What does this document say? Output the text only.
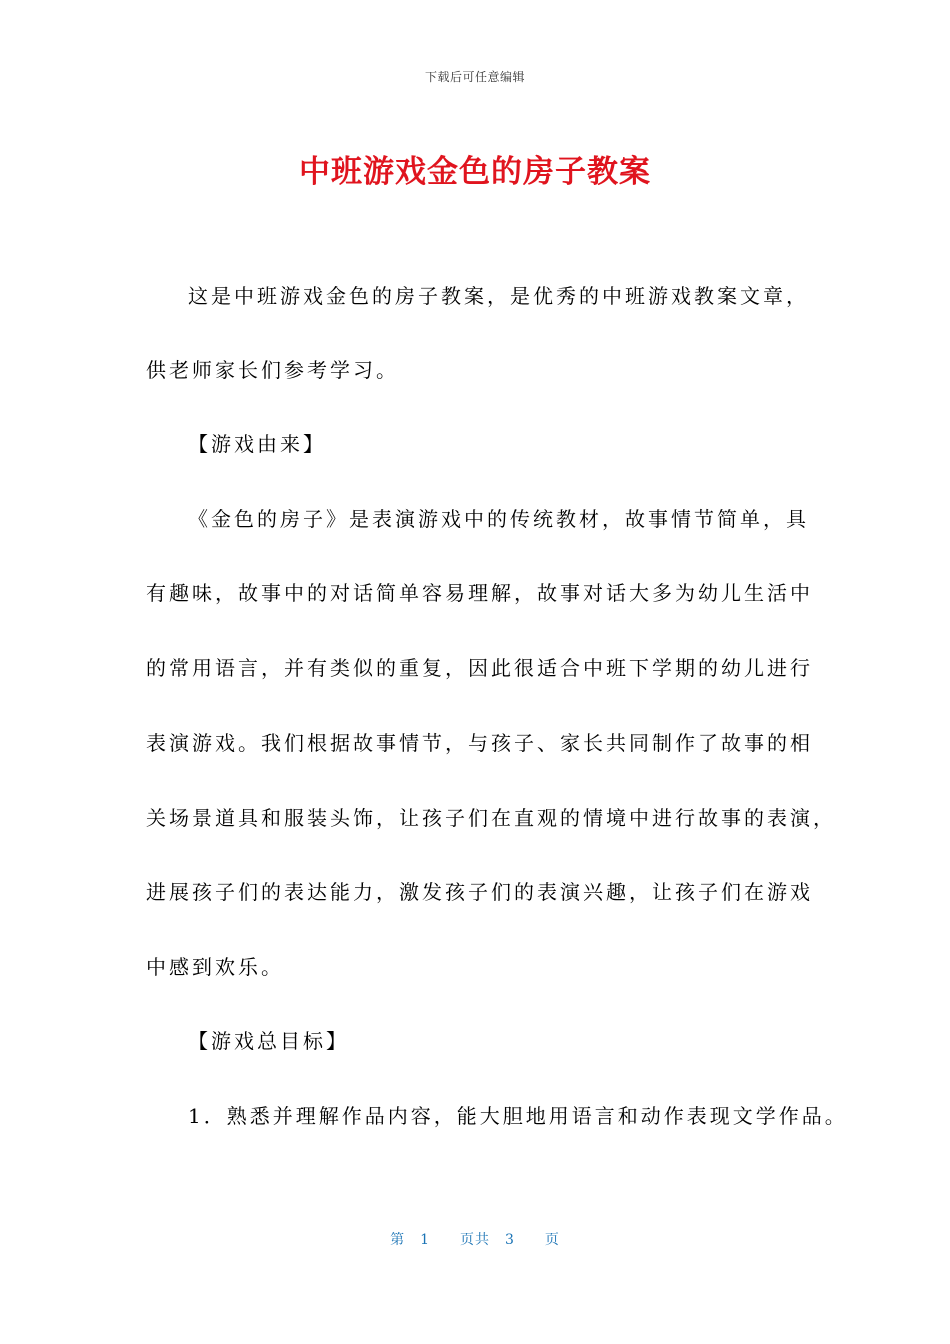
下载后可任意编辑
中班游戏金色的房子教案
这是中班游戏金色的房子教案，是优秀的中班游戏教案文章，
供老师家长们参考学习。
【游戏由来】
《金色的房子》是表演游戏中的传统教材，故事情节简单，具
有趣味，故事中的对话简单容易理解，故事对话大多为幼儿生活中
的常用语言，并有类似的重复，因此很适合中班下学期的幼儿进行
表演游戏。我们根据故事情节，与孩子、家长共同制作了故事的相
关场景道具和服装头饰，让孩子们在直观的情境中进行故事的表演，
进展孩子们的表达能力，激发孩子们的表演兴趣，让孩子们在游戏
中感到欢乐。
【游戏总目标】
1．熟悉并理解作品内容，能大胆地用语言和动作表现文学作品。
第　1　　页共　3　　页
